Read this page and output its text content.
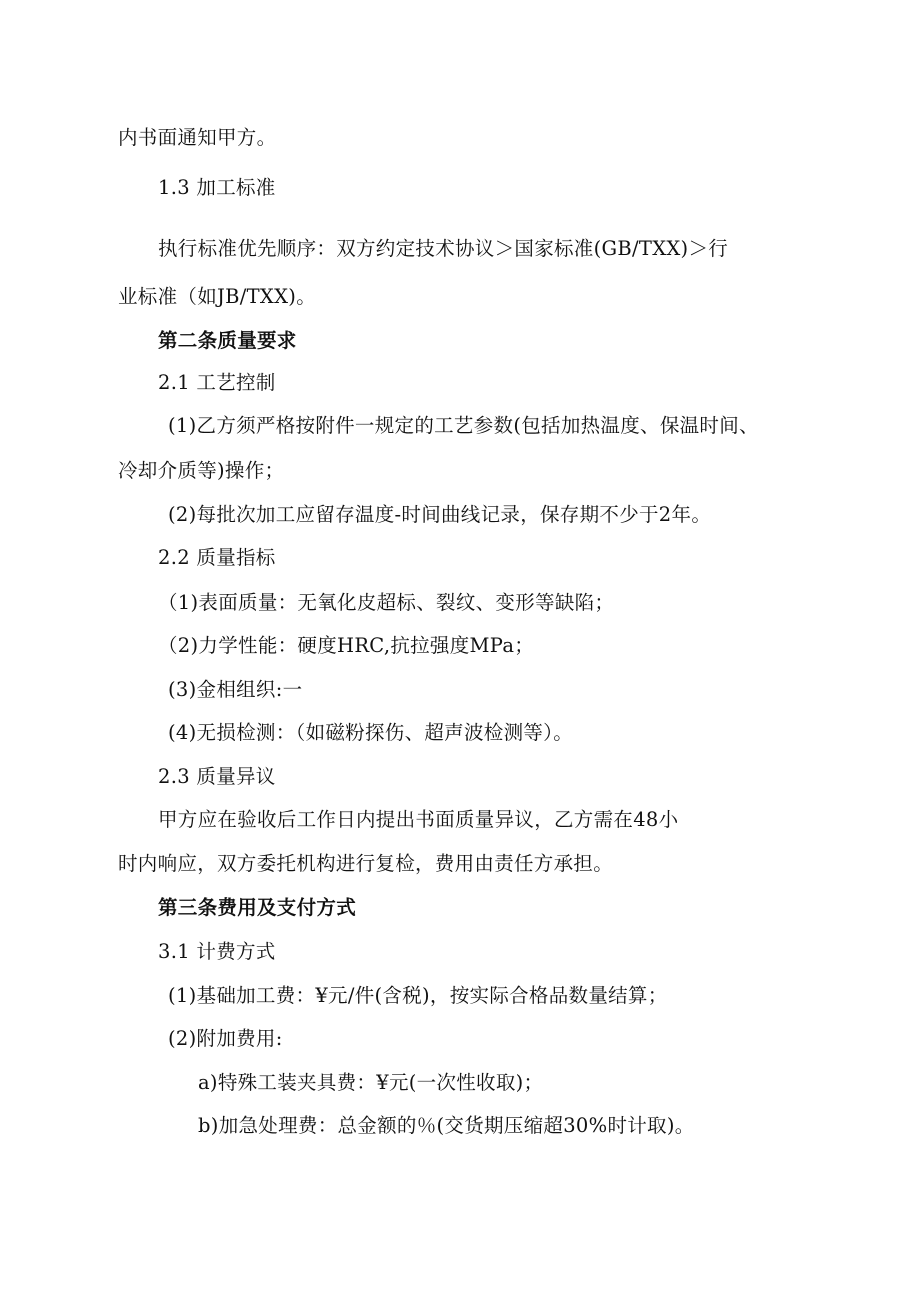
内书面通知甲方。
1.3 加工标准
执行标准优先顺序：双方约定技术协议＞国家标准(GB/TXX)＞行
业标准（如JB/TXX)。
第二条质量要求
2.1 工艺控制
(1)乙方须严格按附件一规定的工艺参数(包括加热温度、保温时间、
冷却介质等)操作；
(2)每批次加工应留存温度-时间曲线记录，保存期不少于2年。
2.2 质量指标
（1)表面质量：无氧化皮超标、裂纹、变形等缺陷；
（2)力学性能：硬度HRC,抗拉强度MPa；
(3)金相组织:一
(4)无损检测：（如磁粉探伤、超声波检测等）。
2.3 质量异议
甲方应在验收后工作日内提出书面质量异议，乙方需在48小
时内响应，双方委托机构进行复检，费用由责任方承担。
第三条费用及支付方式
3.1 计费方式
(1)基础加工费：¥元/件(含税)，按实际合格品数量结算；
(2)附加费用:
a)特殊工装夹具费：¥元(一次性收取)；
b)加急处理费：总金额的％(交货期压缩超30%时计取)。
